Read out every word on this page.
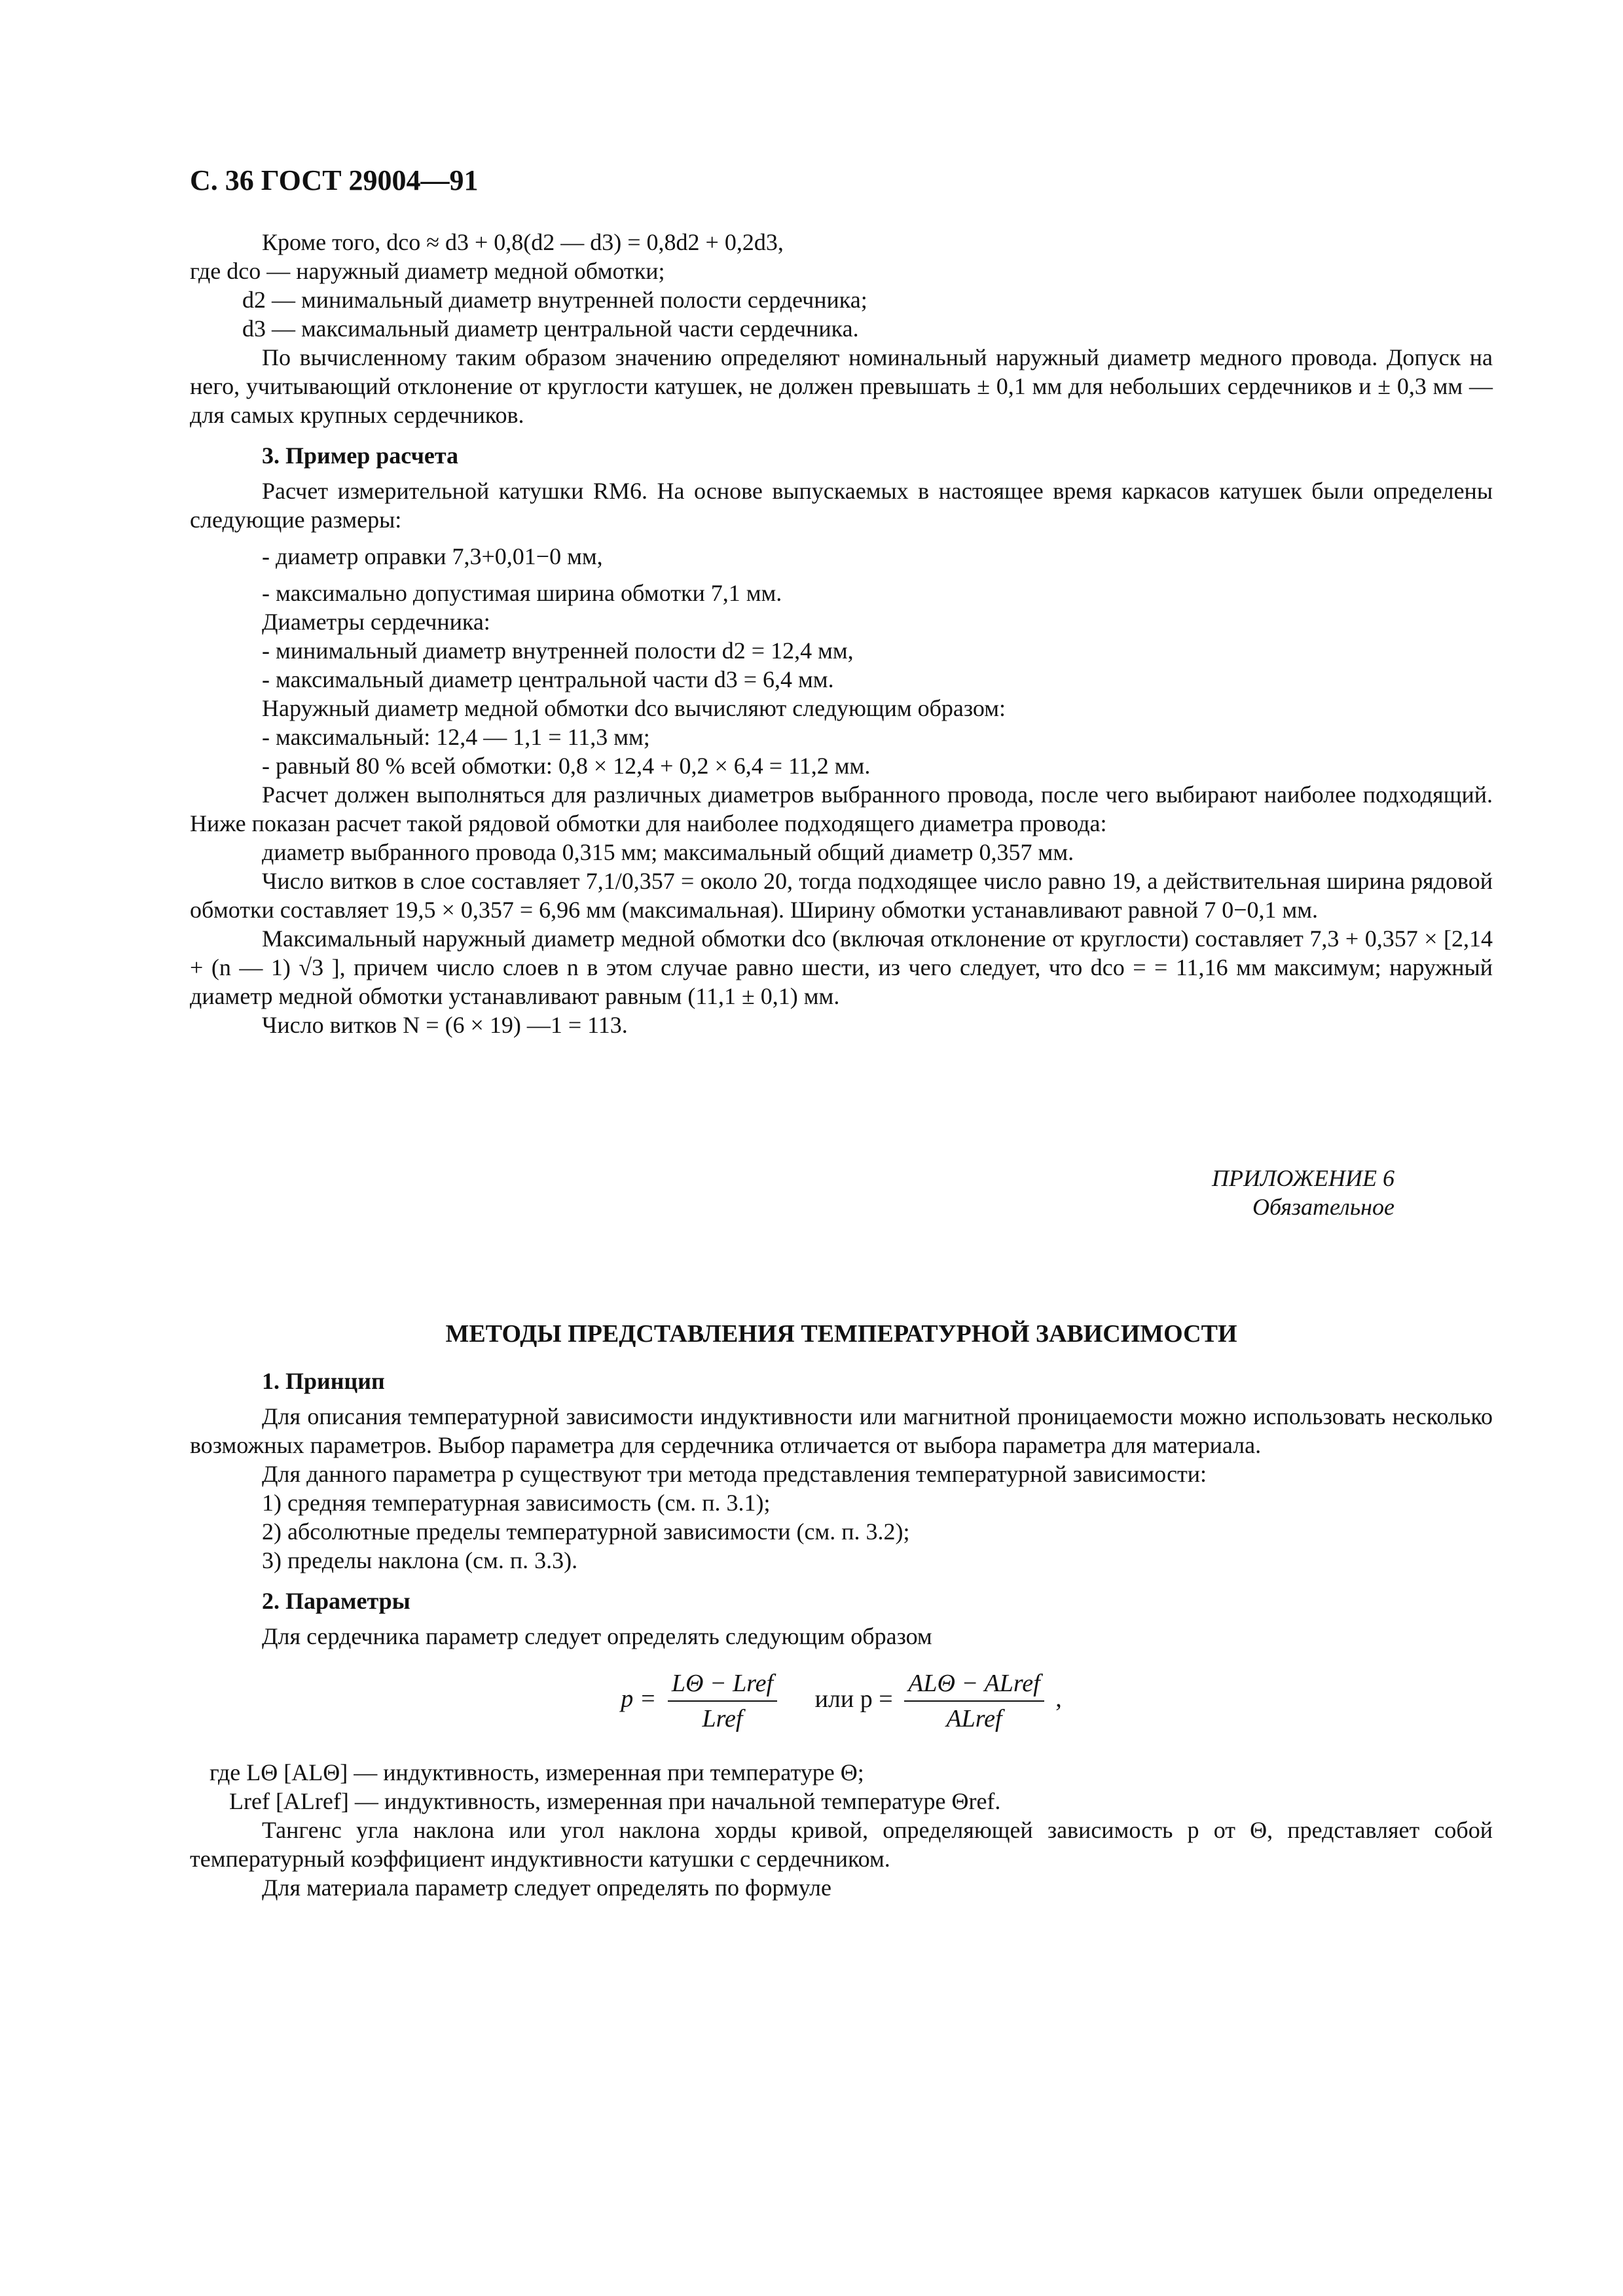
С. 36 ГОСТ 29004—91

Кроме того, dco ≈ d3 + 0,8(d2 — d3) = 0,8d2 + 0,2d3,

где dco — наружный диаметр медной обмотки;

d2 — минимальный диаметр внутренней полости сердечника;

d3 — максимальный диаметр центральной части сердечника.

По вычисленному таким образом значению определяют номинальный наружный диаметр медного провода. Допуск на него, учитывающий отклонение от круглости катушек, не должен превышать ± 0,1 мм для небольших сердечников и ± 0,3 мм — для самых крупных сердечников.

3. Пример расчета

Расчет измерительной катушки RM6. На основе выпускаемых в настоящее время каркасов катушек были определены следующие размеры:

- диаметр оправки 7,3+0,01−0 мм,

- максимально допустимая ширина обмотки 7,1 мм.

Диаметры сердечника:

- минимальный диаметр внутренней полости d2 = 12,4 мм,

- максимальный диаметр центральной части d3 = 6,4 мм.

Наружный диаметр медной обмотки dco вычисляют следующим образом:

- максимальный: 12,4 — 1,1 = 11,3 мм;

- равный 80 % всей обмотки: 0,8 × 12,4 + 0,2 × 6,4 = 11,2 мм.

Расчет должен выполняться для различных диаметров выбранного провода, после чего выбирают наиболее подходящий. Ниже показан расчет такой рядовой обмотки для наиболее подходящего диаметра провода:

диаметр выбранного провода 0,315 мм; максимальный общий диаметр 0,357 мм.

Число витков в слое составляет 7,1/0,357 = около 20, тогда подходящее число равно 19, а действительная ширина рядовой обмотки составляет 19,5 × 0,357 = 6,96 мм (максимальная). Ширину обмотки устанавливают равной 7 0−0,1 мм.

Максимальный наружный диаметр медной обмотки dco (включая отклонение от круглости) составляет 7,3 + 0,357 × [2,14 + (n — 1) √3 ], причем число слоев n в этом случае равно шести, из чего следует, что dco = = 11,16 мм максимум; наружный диаметр медной обмотки устанавливают равным (11,1 ± 0,1) мм.

Число витков N = (6 × 19) —1 = 113.

ПРИЛОЖЕНИЕ 6
Обязательное
МЕТОДЫ ПРЕДСТАВЛЕНИЯ ТЕМПЕРАТУРНОЙ ЗАВИСИМОСТИ
1. Принцип

Для описания температурной зависимости индуктивности или магнитной проницаемости можно использовать несколько возможных параметров. Выбор параметра для сердечника отличается от выбора параметра для материала.

Для данного параметра p существуют три метода представления температурной зависимости:

1) средняя температурная зависимость (см. п. 3.1);

2) абсолютные пределы температурной зависимости (см. п. 3.2);

3) пределы наклона (см. п. 3.3).

2. Параметры

Для сердечника параметр следует определять следующим образом

$p = \frac{\text{LΘ − Lref}}{\text{Lref}}$ или $p = \frac{\text{ALΘ − ALref}}{\text{ALref}}$ ,

где LΘ [ALΘ] — индуктивность, измеренная при температуре Θ;

Lref [ALref] — индуктивность, измеренная при начальной температуре Θref.

Тангенс угла наклона или угол наклона хорды кривой, определяющей зависимость p от Θ, представляет собой температурный коэффициент индуктивности катушки с сердечником.

Для материала параметр следует определять по формуле
